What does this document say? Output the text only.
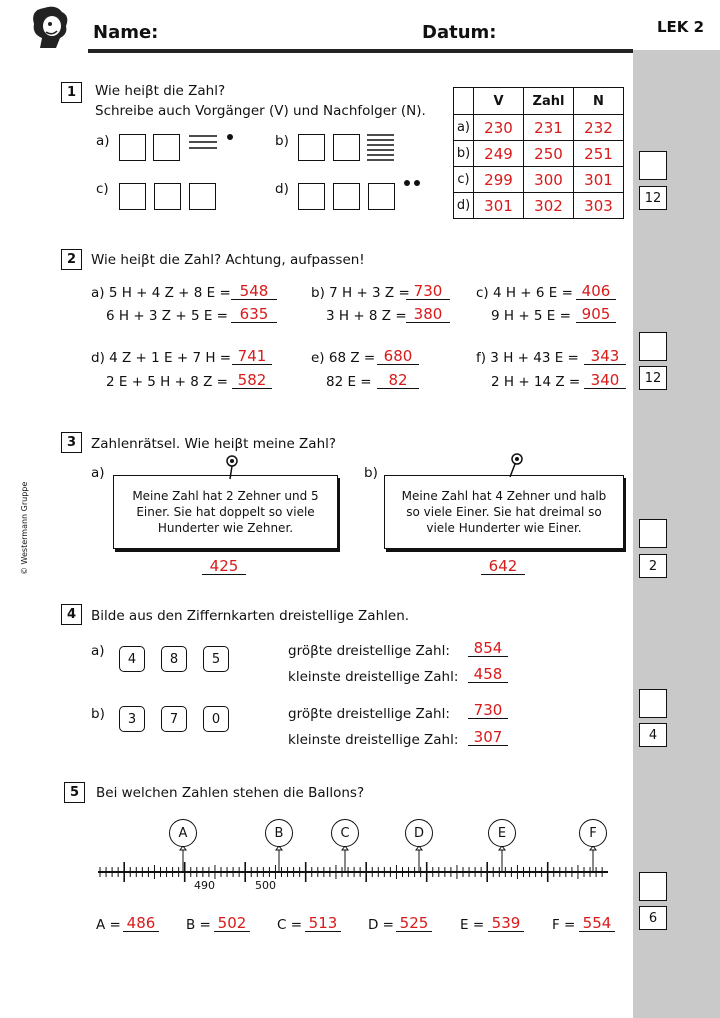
LEK 2
Name:	Datum:
© Westermann Gruppe
1	Wie heiβt die Zahl?
Schreibe auch Vorgänger (V) und Nachfolger (N).
a)	b)
c)	d)
	V	Zahl	N
a)	230	231	232
b)	249	250	251
c)	299	300	301
d)	301	302	303	12
2	Wie heiβt die Zahl? Achtung, aufpassen!
a) 5 H + 4 Z + 8 E = 548
6 H + 3 Z + 5 E = 635
b) 7 H + 3 Z = 730
3 H + 8 Z = 380
c) 4 H + 6 E = 406
9 H + 5 E = 905
d) 4 Z + 1 E + 7 H = 741
2 E + 5 H + 8 Z = 582
e) 68 Z = 680
82 E =	82
f) 3 H + 43 E = 343
2 H + 14 Z = 340	12
3	Zahlenrätsel. Wie heiβt meine Zahl?
a)
Meine Zahl hat 2 Zehner und 5 Einer. Sie hat doppelt so viele Hunderter wie Zehner.
425
b)
Meine Zahl hat 4 Zehner und halb so viele Einer. Sie hat dreimal so viele Hunderter wie Einer.
642	2
4	Bilde aus den Ziffernkarten dreistellige Zahlen.
a)	4	8	5	gröβte dreistellige Zahl:	854
kleinste dreistellige Zahl:	458
b)	3	7	0	gröβte dreistellige Zahl:	730
kleinste dreistellige Zahl:	307	4
5	Bei welchen Zahlen stehen die Ballons?
490	500
A	B	C	D	E	F
A = 486 B = 502 C = 513 D = 525 E = 539 F = 554	6
